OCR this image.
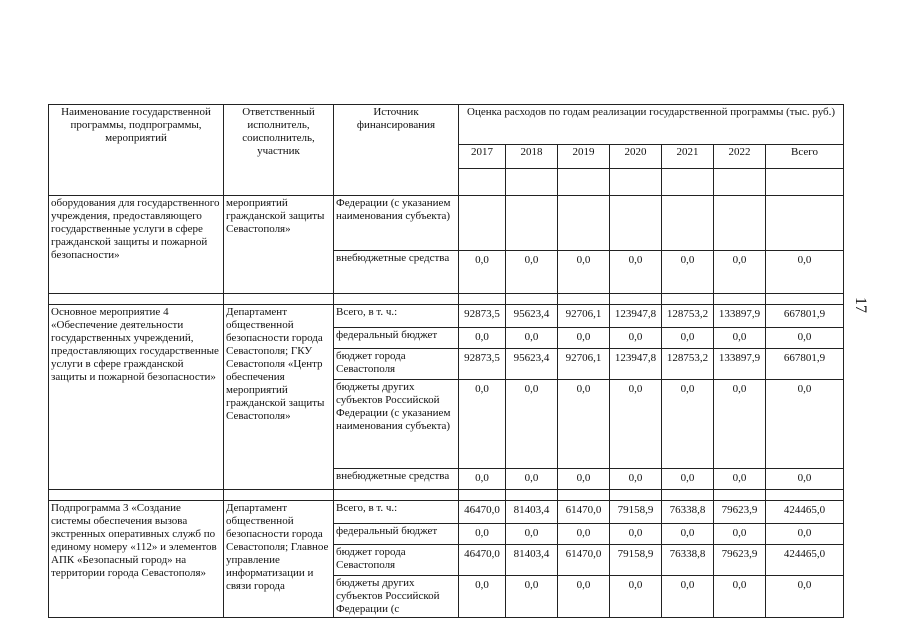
17
Наименование государственной программы, подпрограммы, мероприятий	Ответственный исполнитель, соисполнитель, участник	Источник финансирования	Оценка расходов по годам реализации государственной программы (тыс. руб.)						
			2017	2018	2019	2020	2021	2022	Всего

оборудования для государственного учреждения, предоставляющего государственные услуги в сфере гражданской защиты и пожарной безопасности»	мероприятий гражданской защиты Севастополя»	Федерации (с указанием наименования субъекта)							
		внебюджетные средства	0,0	0,0	0,0	0,0	0,0	0,0	0,0

Основное мероприятие 4 «Обеспечение деятельности государственных учреждений, предоставляющих государственные услуги в сфере гражданской защиты и пожарной безопасности»	Департамент общественной безопасности города Севастополя; ГКУ Севастополя «Центр обеспечения мероприятий гражданской защиты Севастополя»	Всего, в т. ч.:	92873,5	95623,4	92706,1	123947,8	128753,2	133897,9	667801,9
		федеральный бюджет	0,0	0,0	0,0	0,0	0,0	0,0	0,0
		бюджет города Севастополя	92873,5	95623,4	92706,1	123947,8	128753,2	133897,9	667801,9
		бюджеты других субъектов Российской Федерации (с указанием наименования субъекта)	0,0	0,0	0,0	0,0	0,0	0,0	0,0
		внебюджетные средства	0,0	0,0	0,0	0,0	0,0	0,0	0,0

Подпрограмма 3 «Создание системы обеспечения вызова экстренных оперативных служб по единому номеру «112» и элементов АПК «Безопасный город» на территории города Севастополя»	Департамент общественной безопасности города Севастополя; Главное управление информатизации и связи города	Всего, в т. ч.:	46470,0	81403,4	61470,0	79158,9	76338,8	79623,9	424465,0
		федеральный бюджет	0,0	0,0	0,0	0,0	0,0	0,0	0,0
		бюджет города Севастополя	46470,0	81403,4	61470,0	79158,9	76338,8	79623,9	424465,0
		бюджеты других субъектов Российской Федерации (с	0,0	0,0	0,0	0,0	0,0	0,0	0,0
